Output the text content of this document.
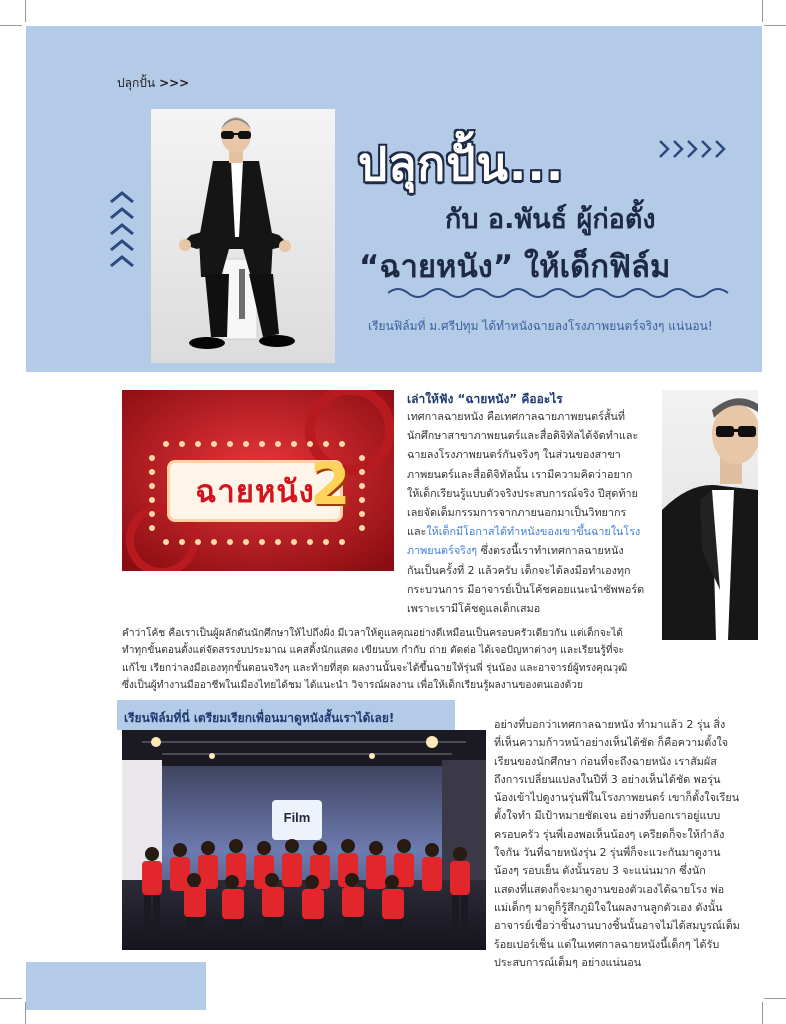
ปลุกปั้น >>>
ปลุกปั้น...
กับ อ.พันธ์ ผู้ก่อตั้ง
“ฉายหนัง” ให้เด็กฟิล์ม
เรียนฟิล์มที่ ม.ศรีปทุม ได้ทำหนังฉายลงโรงภาพยนตร์จริงๆ แน่นอน!
ฉายหนัง
2
เล่าให้ฟัง “ฉายหนัง” คืออะไร
เทศกาลฉายหนัง คือเทศกาลฉายภาพยนตร์สั้นที่
นักศึกษาสาขาภาพยนตร์และสื่อดิจิทัลได้จัดทำและ
ฉายลงโรงภาพยนตร์กันจริงๆ ในส่วนของสาขา
ภาพยนตร์และสื่อดิจิทัลนั้น เรามีความคิดว่าอยาก
ให้เด็กเรียนรู้แบบตัวจริงประสบการณ์จริง ปีสุดท้าย
เลยจัดเต็มกรรมการจากภายนอกมาเป็นวิทยากร
และให้เด็กมีโอกาสได้ทำหนังของเขาขึ้นฉายในโรง
ภาพยนตร์จริงๆ ซึ่งตรงนี้เราทำเทศกาลฉายหนัง
กันเป็นครั้งที่ 2 แล้วครับ เด็กจะได้ลงมือทำเองทุก
กระบวนการ มีอาจารย์เป็นโค้ชคอยแนะนำซัพพอร์ต
เพราะเรามีโค้ชดูแลเด็กเสมอ
คำว่าโค้ช คือเราเป็นผู้ผลักดันนักศึกษาให้ไปถึงฝั่ง มีเวลาให้ดูแลคุณอย่างดีเหมือนเป็นครอบครัวเดียวกัน แต่เด็กจะได้
ทำทุกขั้นตอนตั้งแต่จัดสรรงบประมาณ แคสติ้งนักแสดง เขียนบท กำกับ ถ่าย ตัดต่อ ได้เจอปัญหาต่างๆ และเรียนรู้ที่จะ
แก้ไข เรียกว่าลงมือเองทุกขั้นตอนจริงๆ และท้ายที่สุด ผลงานนั้นจะได้ขึ้นฉายให้รุ่นพี่ รุ่นน้อง และอาจารย์ผู้ทรงคุณวุฒิ
ซึ่งเป็นผู้ทำงานมืออาชีพในเมืองไทยได้ชม ได้แนะนำ วิจารณ์ผลงาน เพื่อให้เด็กเรียนรู้ผลงานของตนเองด้วย
เรียนฟิล์มที่นี่ เตรียมเรียกเพื่อนมาดูหนังสั้นเราได้เลย!
Film
อย่างที่บอกว่าเทศกาลฉายหนัง ทำมาแล้ว 2 รุ่น สิ่ง
ที่เห็นความก้าวหน้าอย่างเห็นได้ชัด ก็คือความตั้งใจ
เรียนของนักศึกษา ก่อนที่จะถึงฉายหนัง เราสัมผัส
ถึงการเปลี่ยนแปลงในปีที่ 3 อย่างเห็นได้ชัด พอรุ่น
น้องเข้าไปดูงานรุ่นพี่ในโรงภาพยนตร์ เขาก็ตั้งใจเรียน
ตั้งใจทำ มีเป้าหมายชัดเจน อย่างที่บอกเราอยู่แบบ
ครอบครัว รุ่นพี่เองพอเห็นน้องๆ เครียดก็จะให้กำลัง
ใจกัน วันที่ฉายหนังรุ่น 2 รุ่นพี่ก็จะแวะกันมาดูงาน
น้องๆ รอบเย็น ดังนั้นรอบ 3 จะแน่นมาก ซึ่งนัก
แสดงที่แสดงก็จะมาดูงานของตัวเองได้ฉายโรง พ่อ
แม่เด็กๆ มาดูก็รู้สึกภูมิใจในผลงานลูกตัวเอง ดังนั้น
อาจารย์เชื่อว่าชิ้นงานบางชิ้นนั้นอาจไม่ได้สมบูรณ์เต็ม
ร้อยเปอร์เซ็น แต่ในเทศกาลฉายหนังนี้เด็กๆ ได้รับ
ประสบการณ์เต็มๆ อย่างแน่นอน
